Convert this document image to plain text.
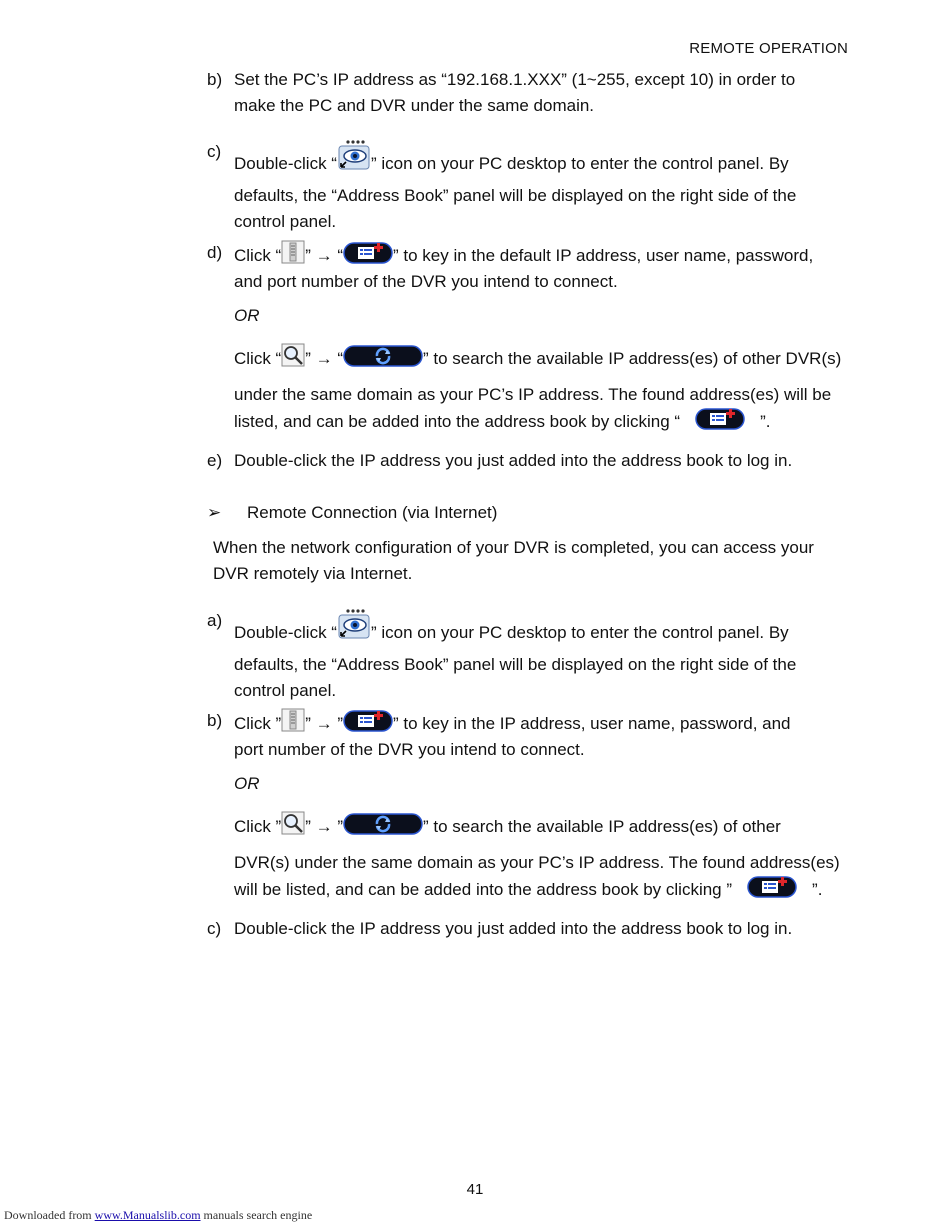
REMOTE OPERATION
b) Set the PC’s IP address as “192.168.1.XXX” (1~255, except 10) in order to
make the PC and DVR under the same domain.
c)
Double-click “ ” icon on your PC desktop to enter the control panel. By
defaults, the “Address Book” panel will be displayed on the right side of the
control panel.
d) Click “ ” → “	” to key in the default IP address, user name, password,
and port number of the DVR you intend to connect.
OR
Click “ ” → “	” to search the available IP address(es) of other DVR(s)
under the same domain as your PC’s IP address. The found address(es) will be
listed, and can be added into the address book by clicking “	”.
e) Double-click the IP address you just added into the address book to log in.
➢ Remote Connection (via Internet)
When the network configuration of your DVR is completed, you can access your
DVR remotely via Internet.
a)
Double-click “ ” icon on your PC desktop to enter the control panel. By
defaults, the “Address Book” panel will be displayed on the right side of the
control panel.
b) Click ” ” → ”	” to key in the IP address, user name, password, and
port number of the DVR you intend to connect.
OR
Click ” ” → ”	” to search the available IP address(es) of other
DVR(s) under the same domain as your PC’s IP address. The found address(es)
will be listed, and can be added into the address book by clicking ”	”.
c) Double-click the IP address you just added into the address book to log in.
41
Downloaded from www.Manualslib.com manuals search engine
